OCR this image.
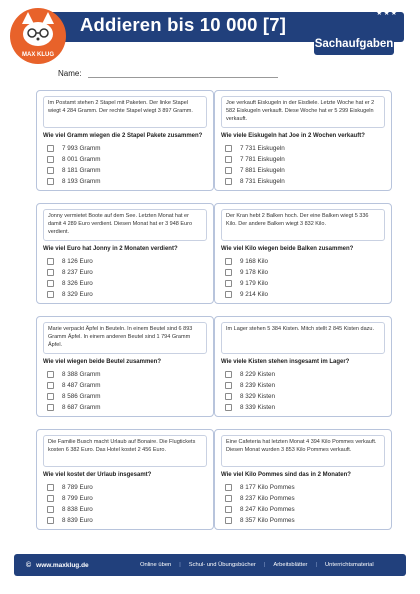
Addieren bis 10 000 [7]
★★★
Sachaufgaben
MAX KLUG
Name:
Im Postamt stehen 2 Stapel mit Paketen. Der linke Stapel wiegt 4 284 Gramm. Der rechte Stapel wiegt 3 897 Gramm.
Wie viel Gramm wiegen die 2 Stapel Pakete zusammen?
7 993 Gramm
8 001 Gramm
8 181 Gramm
8 193 Gramm
Joe verkauft Eiskugeln in der Eisdiele. Letzte Woche hat er 2 582 Eiskugeln verkauft. Diese Woche hat er 5 299 Eiskugeln verkauft.
Wie viele Eiskugeln hat Joe in 2 Wochen verkauft?
7 731 Eiskugeln
7 781 Eiskugeln
7 881 Eiskugeln
8 731 Eiskugeln
Jonny vermietet Boote auf dem See. Letzten Monat hat er damit 4 289 Euro verdient. Diesen Monat hat er 3 948 Euro verdient.
Wie viel Euro hat Jonny in 2 Monaten verdient?
8 126 Euro
8 237 Euro
8 326 Euro
8 329 Euro
Der Kran hebt 2 Balken hoch. Der eine Balken wiegt 5 336 Kilo. Der andere Balken wiegt 3 832 Kilo.
Wie viel Kilo wiegen beide Balken zusammen?
9 168 Kilo
9 178 Kilo
9 179 Kilo
9 214 Kilo
Marie verpackt Äpfel in Beuteln. In einem Beutel sind 6 893 Gramm Äpfel. In einem anderen Beutel sind 1 794 Gramm Äpfel.
Wie viel wiegen beide Beutel zusammen?
8 388 Gramm
8 487 Gramm
8 586 Gramm
8 687 Gramm
Im Lager stehen 5 384 Kisten. Mitch stellt 2 845 Kisten dazu.
Wie viele Kisten stehen insgesamt im Lager?
8 229 Kisten
8 239 Kisten
8 329 Kisten
8 339 Kisten
Die Familie Busch macht Urlaub auf Bonaire. Die Flugtickets kosten 6 382 Euro. Das Hotel kostet 2 456 Euro.
Wie viel kostet der Urlaub insgesamt?
8 789 Euro
8 799 Euro
8 838 Euro
8 839 Euro
Eine Cafeteria hat letzten Monat 4 394 Kilo Pommes verkauft. Diesen Monat wurden 3 853 Kilo Pommes verkauft.
Wie viel Kilo Pommes sind das in 2 Monaten?
8 177 Kilo Pommes
8 237 Kilo Pommes
8 247 Kilo Pommes
8 357 Kilo Pommes
© www.maxklug.de	Online üben	|	Schul- und Übungsbücher	|	Arbeitsblätter	|	Unterrichtsmaterial
